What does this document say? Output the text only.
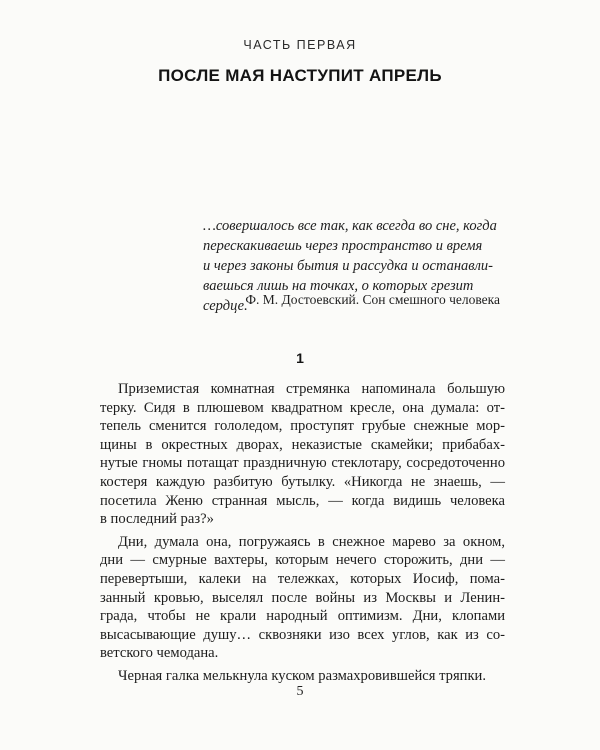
ЧАСТЬ ПЕРВАЯ
ПОСЛЕ МАЯ НАСТУПИТ АПРЕЛЬ
…совершалось все так, как всегда во сне, когда
перескакиваешь через пространство и время
и через законы бытия и рассудка и останавли-
ваешься лишь на точках, о которых грезит
сердце.
Ф. М. Достоевский. Сон смешного человека
1
Приземистая комнатная стремянка напоминала большую
терку. Сидя в плюшевом квадратном кресле, она думала: от-
тепель сменится гололедом, проступят грубые снежные мор-
щины в окрестных дворах, неказистые скамейки; прибабах-
нутые гномы потащат праздничную стеклотару, сосредоточенно
костеря каждую разбитую бутылку. «Никогда не знаешь, —
посетила Женю странная мысль, — когда видишь человека
в последний раз?»
Дни, думала она, погружаясь в снежное марево за окном,
дни — смурные вахтеры, которым нечего сторожить, дни —
перевертыши, калеки на тележках, которых Иосиф, пома-
занный кровью, выселял после войны из Москвы и Ленин-
града, чтобы не крали народный оптимизм. Дни, клопами
высасывающие душу… сквозняки изо всех углов, как из со-
ветского чемодана.
Черная галка мелькнула куском размахровившейся тряпки.
5
